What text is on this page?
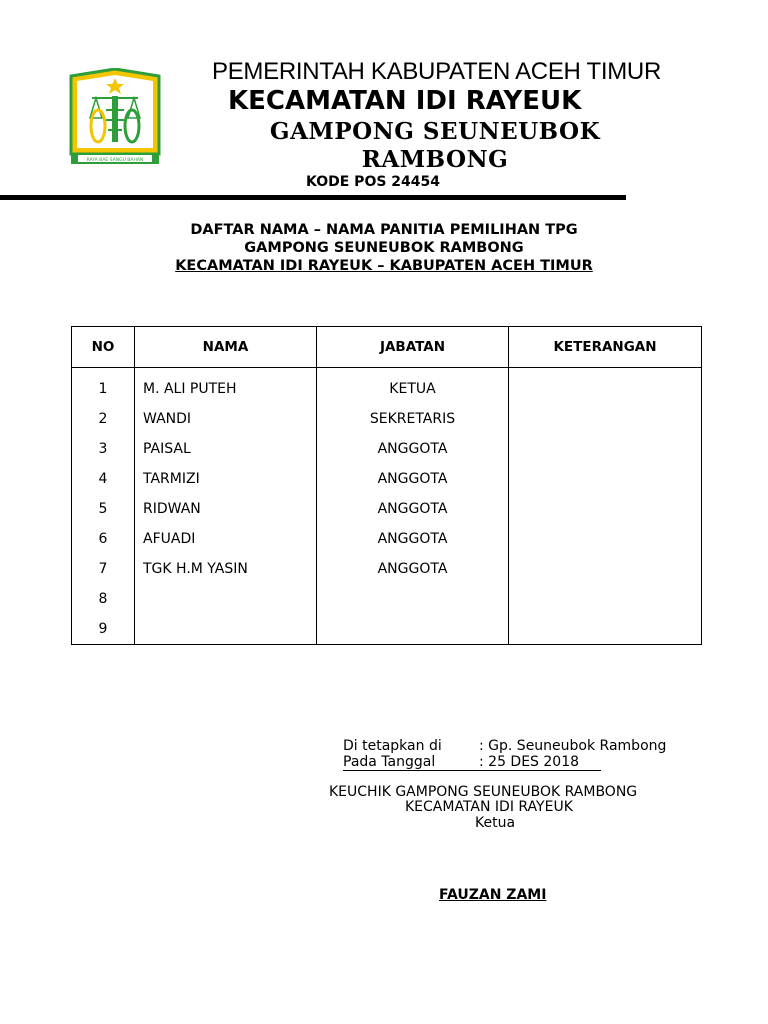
RAYA BAE SANGU BAHAN
PEMERINTAH KABUPATEN ACEH TIMUR
KECAMATAN IDI RAYEUK
GAMPONG SEUNEUBOK RAMBONG
KODE POS 24454
DAFTAR NAMA – NAMA PANITIA PEMILIHAN TPG
GAMPONG SEUNEUBOK RAMBONG
KECAMATAN IDI RAYEUK – KABUPATEN ACEH TIMUR
NO	NAMA	JABATAN	KETERANGAN
1	M. ALI PUTEH	KETUA	
2	WANDI	SEKRETARIS	
3	PAISAL	ANGGOTA	
4	TARMIZI	ANGGOTA	
5	RIDWAN	ANGGOTA	
6	AFUADI	ANGGOTA	
7	TGK H.M YASIN	ANGGOTA	
8			
9			
Di tetapkan di	: Gp. Seuneubok Rambong
Pada Tanggal	: 25 DES 2018
KEUCHIK GAMPONG SEUNEUBOK RAMBONG
KECAMATAN IDI RAYEUK
Ketua
FAUZAN ZAMI
